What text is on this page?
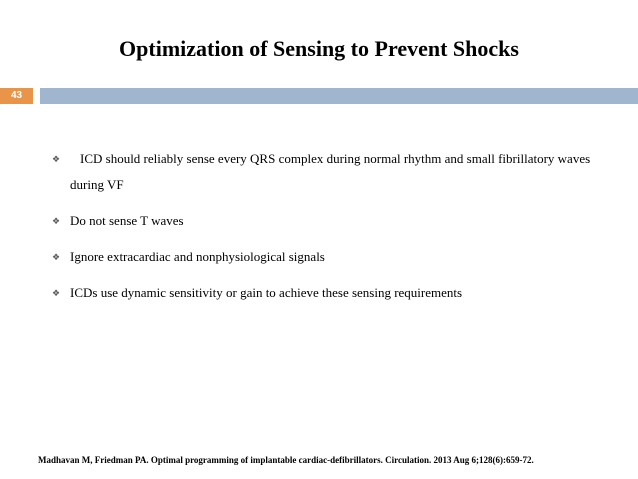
Optimization of Sensing to Prevent Shocks
43
❖	ICD should reliably sense every QRS complex during normal rhythm and small fibrillatory waves during VF
❖ Do not sense T waves
❖ Ignore extracardiac and nonphysiological signals
❖ ICDs use dynamic sensitivity or gain to achieve these sensing requirements
Madhavan M, Friedman PA. Optimal programming of implantable cardiac-defibrillators. Circulation. 2013 Aug 6;128(6):659-72.
